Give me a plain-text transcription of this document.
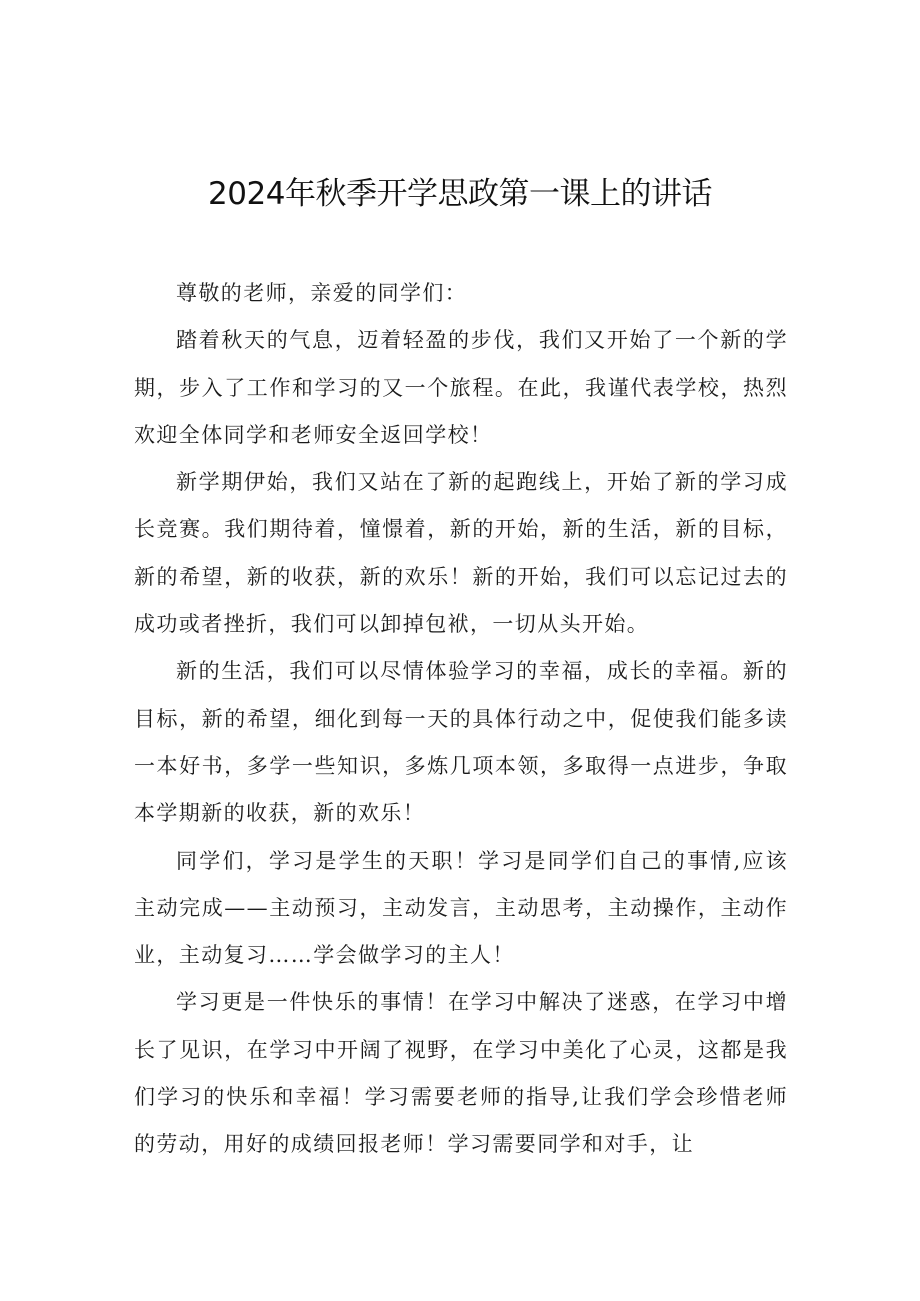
2024年秋季开学思政第一课上的讲话

尊敬的老师，亲爱的同学们：

踏着秋天的气息，迈着轻盈的步伐，我们又开始了一个新的学期，步入了工作和学习的又一个旅程。在此，我谨代表学校，热烈欢迎全体同学和老师安全返回学校！

新学期伊始，我们又站在了新的起跑线上，开始了新的学习成长竞赛。我们期待着，憧憬着，新的开始，新的生活，新的目标，新的希望，新的收获，新的欢乐！新的开始，我们可以忘记过去的成功或者挫折，我们可以卸掉包袱，一切从头开始。

新的生活，我们可以尽情体验学习的幸福，成长的幸福。新的目标，新的希望，细化到每一天的具体行动之中，促使我们能多读一本好书，多学一些知识，多炼几项本领，多取得一点进步，争取本学期新的收获，新的欢乐！

同学们，学习是学生的天职！学习是同学们自己的事情,应该主动完成——主动预习，主动发言，主动思考，主动操作，主动作业，主动复习……学会做学习的主人！

学习更是一件快乐的事情！在学习中解决了迷惑，在学习中增长了见识，在学习中开阔了视野，在学习中美化了心灵，这都是我们学习的快乐和幸福！学习需要老师的指导,让我们学会珍惜老师的劳动，用好的成绩回报老师！学习需要同学和对手，让
